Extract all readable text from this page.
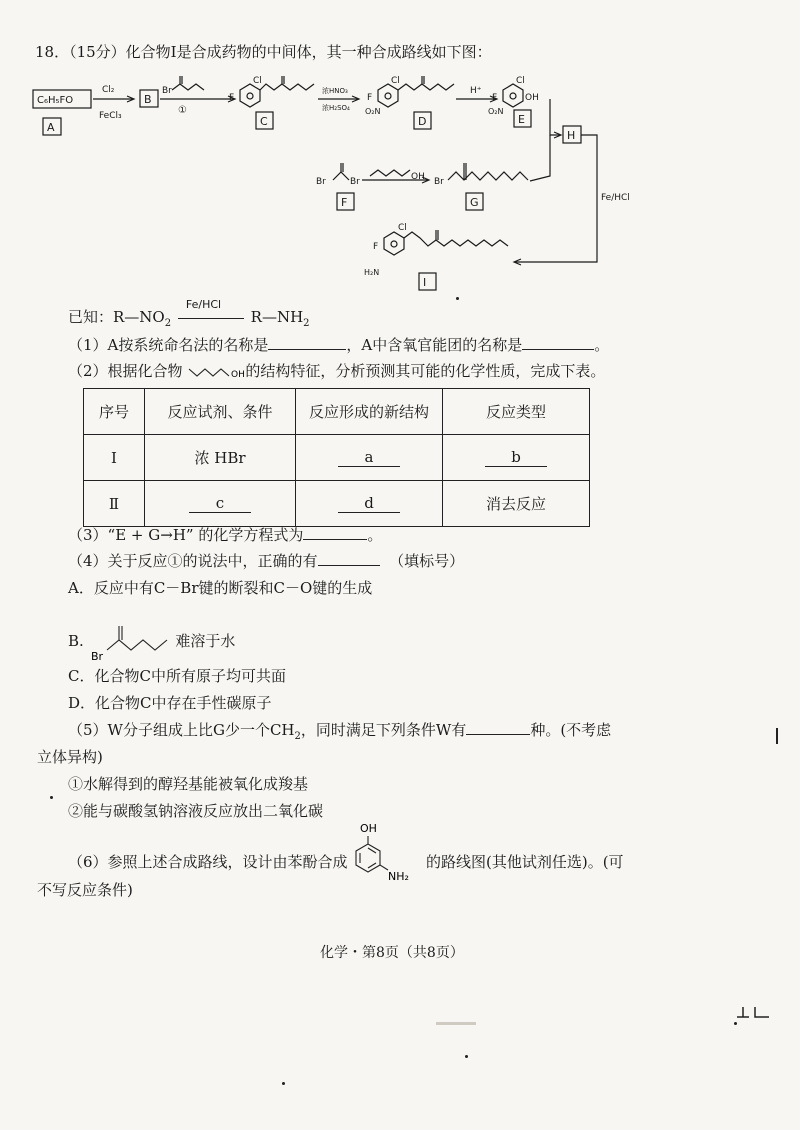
C₆H₅FO
A
Cl₂
FeCl₃
B
Br
①
F
Cl
C
浓HNO₃
浓H₂SO₄
F
Cl
O₂N
D
H⁺
F
Cl
OH
O₂N
E
H
Fe/HCl
Br	Br	OH
F
Br
G
F
Cl
H₂N
I
18．（15分）化合物Ⅰ是合成药物的中间体，其一种合成路线如下图：
已知：$R—NO_2$
Fe/HCl
$R—NH_2$
（1）A按系统命名法的名称是	，A中含氧官能团的名称是	。
（2）根据化合物	OH 的结构特征，分析预测其可能的化学性质，完成下表。
序号	反应试剂、条件	反应形成的新结构	反应类型
Ⅰ	浓 HBr	a	b
Ⅱ	c	d	消去反应
（3）“E + G→H” 的化学方程式为	。
（4）关于反应①的说法中，正确的有	（填标号）
A．反应中有C－Br键的断裂和C－O键的生成
B.
Br
难溶于水
C．化合物C中所有原子均可共面
D．化合物C中存在手性碳原子
（5）W分子组成上比G少一个$CH_2$，同时满足下列条件W有	种。(不考虑
立体异构)
①水解得到的醇羟基能被氧化成羧基
②能与碳酸氢钠溶液反应放出二氧化碳
（6）参照上述合成路线，设计由苯酚合成
OH
NH₂
的路线图(其他试剂任选)。(可
不写反应条件)
化学・第8页（共8页）
